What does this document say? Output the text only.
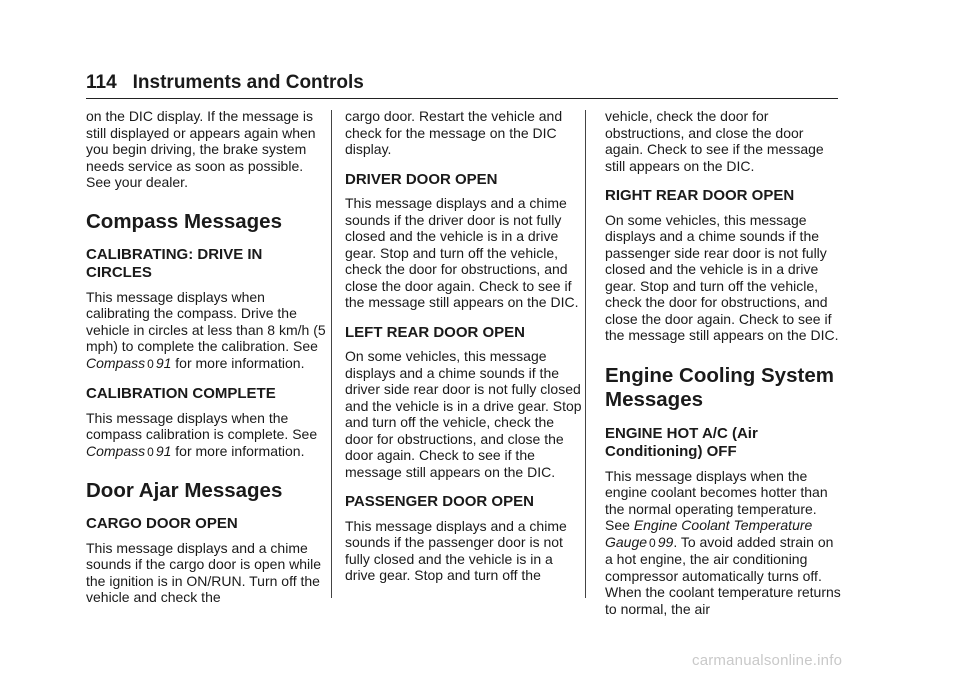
114 Instruments and Controls

on the DIC display. If the message is still displayed or appears again when you begin driving, the brake system needs service as soon as possible. See your dealer.

Compass Messages
CALIBRATING: DRIVE IN CIRCLES

This message displays when calibrating the compass. Drive the vehicle in circles at less than 8 km/h (5 mph) to complete the calibration. See Compass 0 91 for more information.

CALIBRATION COMPLETE

This message displays when the compass calibration is complete. See Compass 0 91 for more information.

Door Ajar Messages
CARGO DOOR OPEN

This message displays and a chime sounds if the cargo door is open while the ignition is in ON/RUN. Turn off the vehicle and check the

cargo door. Restart the vehicle and check for the message on the DIC display.

DRIVER DOOR OPEN

This message displays and a chime sounds if the driver door is not fully closed and the vehicle is in a drive gear. Stop and turn off the vehicle, check the door for obstructions, and close the door again. Check to see if the message still appears on the DIC.

LEFT REAR DOOR OPEN

On some vehicles, this message displays and a chime sounds if the driver side rear door is not fully closed and the vehicle is in a drive gear. Stop and turn off the vehicle, check the door for obstructions, and close the door again. Check to see if the message still appears on the DIC.

PASSENGER DOOR OPEN

This message displays and a chime sounds if the passenger door is not fully closed and the vehicle is in a drive gear. Stop and turn off the

vehicle, check the door for obstructions, and close the door again. Check to see if the message still appears on the DIC.

RIGHT REAR DOOR OPEN

On some vehicles, this message displays and a chime sounds if the passenger side rear door is not fully closed and the vehicle is in a drive gear. Stop and turn off the vehicle, check the door for obstructions, and close the door again. Check to see if the message still appears on the DIC.

Engine Cooling System Messages
ENGINE HOT A/C (Air Conditioning) OFF

This message displays when the engine coolant becomes hotter than the normal operating temperature. See Engine Coolant Temperature Gauge 0 99. To avoid added strain on a hot engine, the air conditioning compressor automatically turns off. When the coolant temperature returns to normal, the air

carmanualsonline.info
